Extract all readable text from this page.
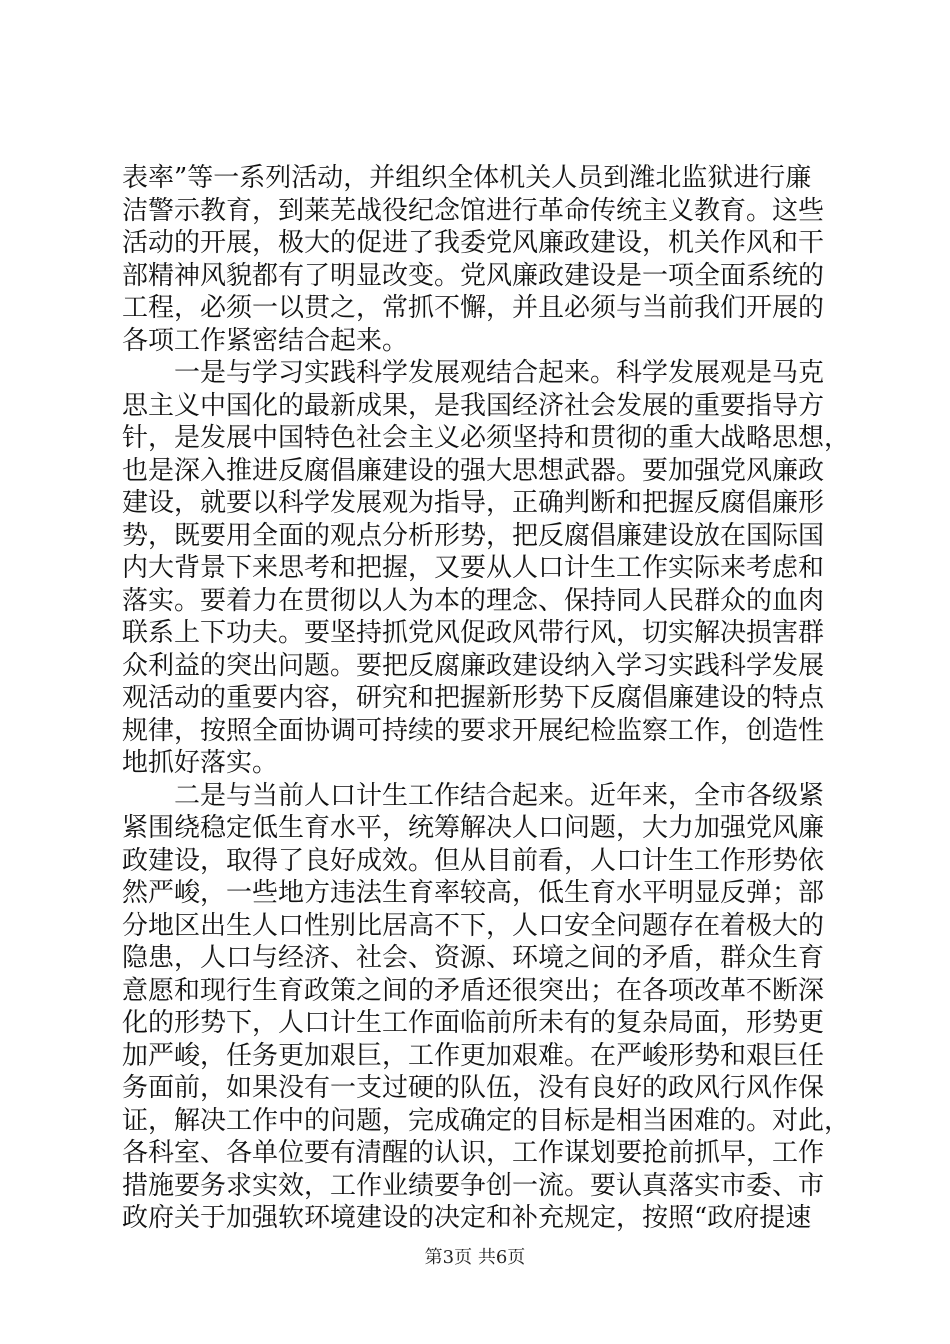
表率”等一系列活动，并组织全体机关人员到潍北监狱进行廉
洁警示教育，到莱芜战役纪念馆进行革命传统主义教育。这些
活动的开展，极大的促进了我委党风廉政建设，机关作风和干
部精神风貌都有了明显改变。党风廉政建设是一项全面系统的
工程，必须一以贯之，常抓不懈，并且必须与当前我们开展的
各项工作紧密结合起来。
　　一是与学习实践科学发展观结合起来。科学发展观是马克
思主义中国化的最新成果，是我国经济社会发展的重要指导方
针，是发展中国特色社会主义必须坚持和贯彻的重大战略思想，
也是深入推进反腐倡廉建设的强大思想武器。要加强党风廉政
建设，就要以科学发展观为指导，正确判断和把握反腐倡廉形
势，既要用全面的观点分析形势，把反腐倡廉建设放在国际国
内大背景下来思考和把握，又要从人口计生工作实际来考虑和
落实。要着力在贯彻以人为本的理念、保持同人民群众的血肉
联系上下功夫。要坚持抓党风促政风带行风，切实解决损害群
众利益的突出问题。要把反腐廉政建设纳入学习实践科学发展
观活动的重要内容，研究和把握新形势下反腐倡廉建设的特点
规律，按照全面协调可持续的要求开展纪检监察工作，创造性
地抓好落实。
　　二是与当前人口计生工作结合起来。近年来，全市各级紧
紧围绕稳定低生育水平，统筹解决人口问题，大力加强党风廉
政建设，取得了良好成效。但从目前看，人口计生工作形势依
然严峻，一些地方违法生育率较高，低生育水平明显反弹；部
分地区出生人口性别比居高不下，人口安全问题存在着极大的
隐患，人口与经济、社会、资源、环境之间的矛盾，群众生育
意愿和现行生育政策之间的矛盾还很突出；在各项改革不断深
化的形势下，人口计生工作面临前所未有的复杂局面，形势更
加严峻，任务更加艰巨，工作更加艰难。在严峻形势和艰巨任
务面前，如果没有一支过硬的队伍，没有良好的政风行风作保
证，解决工作中的问题，完成确定的目标是相当困难的。对此，
各科室、各单位要有清醒的认识，工作谋划要抢前抓早，工作
措施要务求实效，工作业绩要争创一流。要认真落实市委、市
政府关于加强软环境建设的决定和补充规定，按照“政府提速
第3页 共6页
